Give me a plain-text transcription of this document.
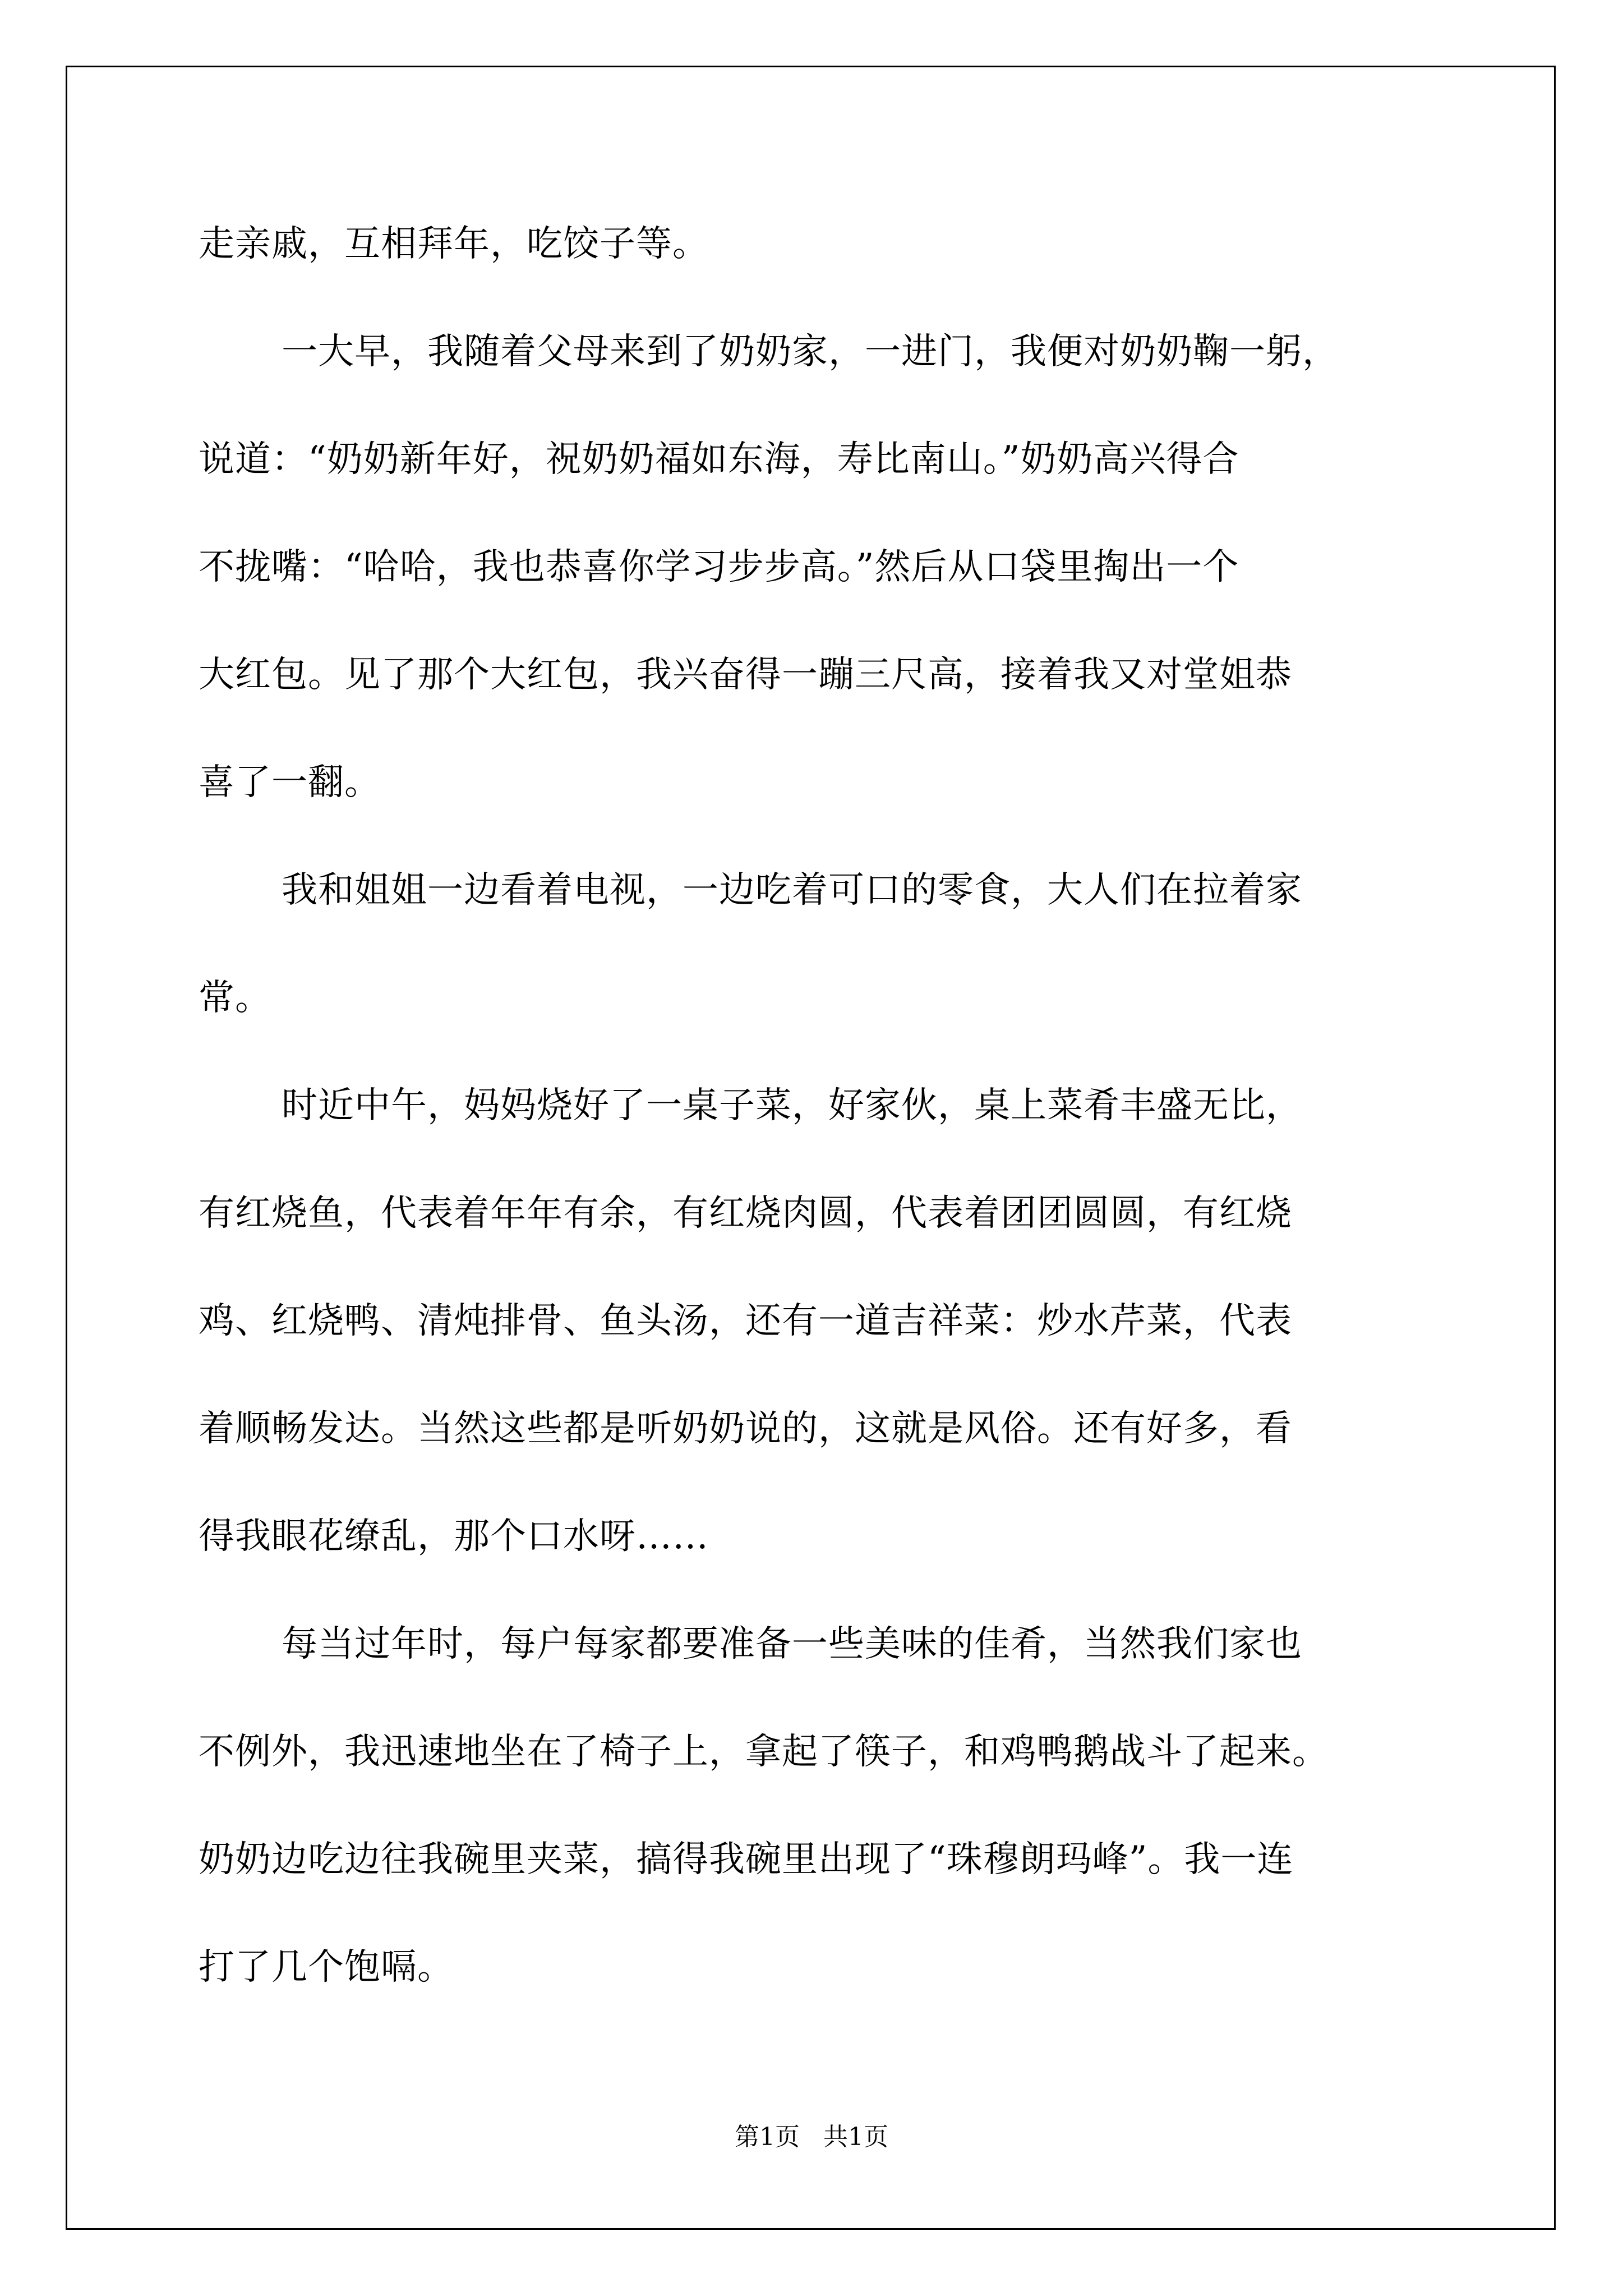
走亲戚，互相拜年，吃饺子等。
一大早，我随着父母来到了奶奶家，一进门，我便对奶奶鞠一躬，
说道：“奶奶新年好，祝奶奶福如东海，寿比南山。”奶奶高兴得合
不拢嘴：“哈哈，我也恭喜你学习步步高。”然后从口袋里掏出一个
大红包。见了那个大红包，我兴奋得一蹦三尺高，接着我又对堂姐恭
喜了一翻。
我和姐姐一边看着电视，一边吃着可口的零食，大人们在拉着家
常。
时近中午，妈妈烧好了一桌子菜，好家伙，桌上菜肴丰盛无比，
有红烧鱼，代表着年年有余，有红烧肉圆，代表着团团圆圆，有红烧
鸡、红烧鸭、清炖排骨、鱼头汤，还有一道吉祥菜：炒水芹菜，代表
着顺畅发达。当然这些都是听奶奶说的，这就是风俗。还有好多，看
得我眼花缭乱，那个口水呀……
每当过年时，每户每家都要准备一些美味的佳肴，当然我们家也
不例外，我迅速地坐在了椅子上，拿起了筷子，和鸡鸭鹅战斗了起来。
奶奶边吃边往我碗里夹菜，搞得我碗里出现了“珠穆朗玛峰”。我一连
打了几个饱嗝。
第1页   共1页
